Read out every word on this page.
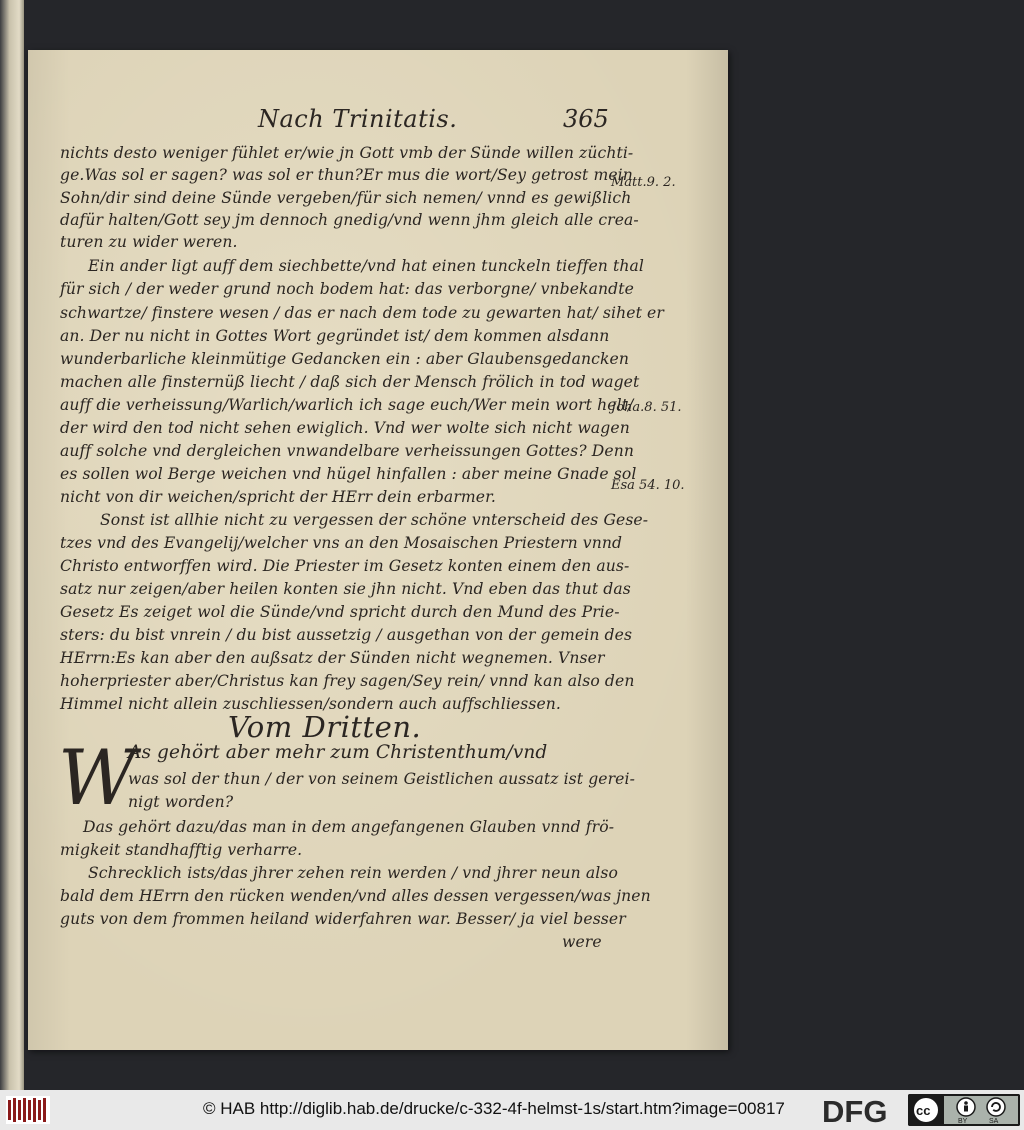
Nach Trinitatis.	365
nichts desto weniger fühlet er/wie jn Gott vmb der Sünde willen züchti-
ge.Was sol er sagen? was sol er thun?Er mus die wort/Sey getrost mein
Sohn/dir sind deine Sünde vergeben/für sich nemen/ vnnd es gewißlich
dafür halten/Gott sey jm dennoch gnedig/vnd wenn jhm gleich alle crea-
turen zu wider weren.
Ein ander ligt auff dem siechbette/vnd hat einen tunckeln tieffen thal
für sich / der weder grund noch bodem hat: das verborgne/ vnbekandte
schwartze/ finstere wesen / das er nach dem tode zu gewarten hat/ sihet er
an. Der nu nicht in Gottes Wort gegründet ist/ dem kommen alsdann
wunderbarliche kleinmütige Gedancken ein : aber Glaubensgedancken
machen alle finsternüß liecht / daß sich der Mensch frölich in tod waget
auff die verheissung/Warlich/warlich ich sage euch/Wer mein wort helt/
der wird den tod nicht sehen ewiglich. Vnd wer wolte sich nicht wagen
auff solche vnd dergleichen vnwandelbare verheissungen Gottes? Denn
es sollen wol Berge weichen vnd hügel hinfallen : aber meine Gnade sol
nicht von dir weichen/spricht der HErr dein erbarmer.
Sonst ist allhie nicht zu vergessen der schöne vnterscheid des Gese-
tzes vnd des Evangelij/welcher vns an den Mosaischen Priestern vnnd
Christo entworffen wird. Die Priester im Gesetz konten einem den aus-
satz nur zeigen/aber heilen konten sie jhn nicht. Vnd eben das thut das
Gesetz Es zeiget wol die Sünde/vnd spricht durch den Mund des Prie-
sters: du bist vnrein / du bist aussetzig / ausgethan von der gemein des
HErrn:Es kan aber den außsatz der Sünden nicht wegnemen. Vnser
hoherpriester aber/Christus kan frey sagen/Sey rein/ vnnd kan also den
Himmel nicht allein zuschliessen/sondern auch auffschliessen.
Vom Dritten.
W
As gehört aber mehr zum Christenthum/vnd
was sol der thun / der von seinem Geistlichen aussatz ist gerei-
nigt worden?
Das gehört dazu/das man in dem angefangenen Glauben vnnd frö-
migkeit standhafftig verharre.
Schrecklich ists/das jhrer zehen rein werden / vnd jhrer neun also
bald dem HErrn den rücken wenden/vnd alles dessen vergessen/was jnen
guts von dem frommen heiland widerfahren war. Besser/ ja viel besser
were
Matt.9. 2.
Joha.8. 51.
Esa 54. 10.
© HAB http://diglib.hab.de/drucke/c-332-4f-helmst-1s/start.htm?image=00817 DFG cc
BY	SA
